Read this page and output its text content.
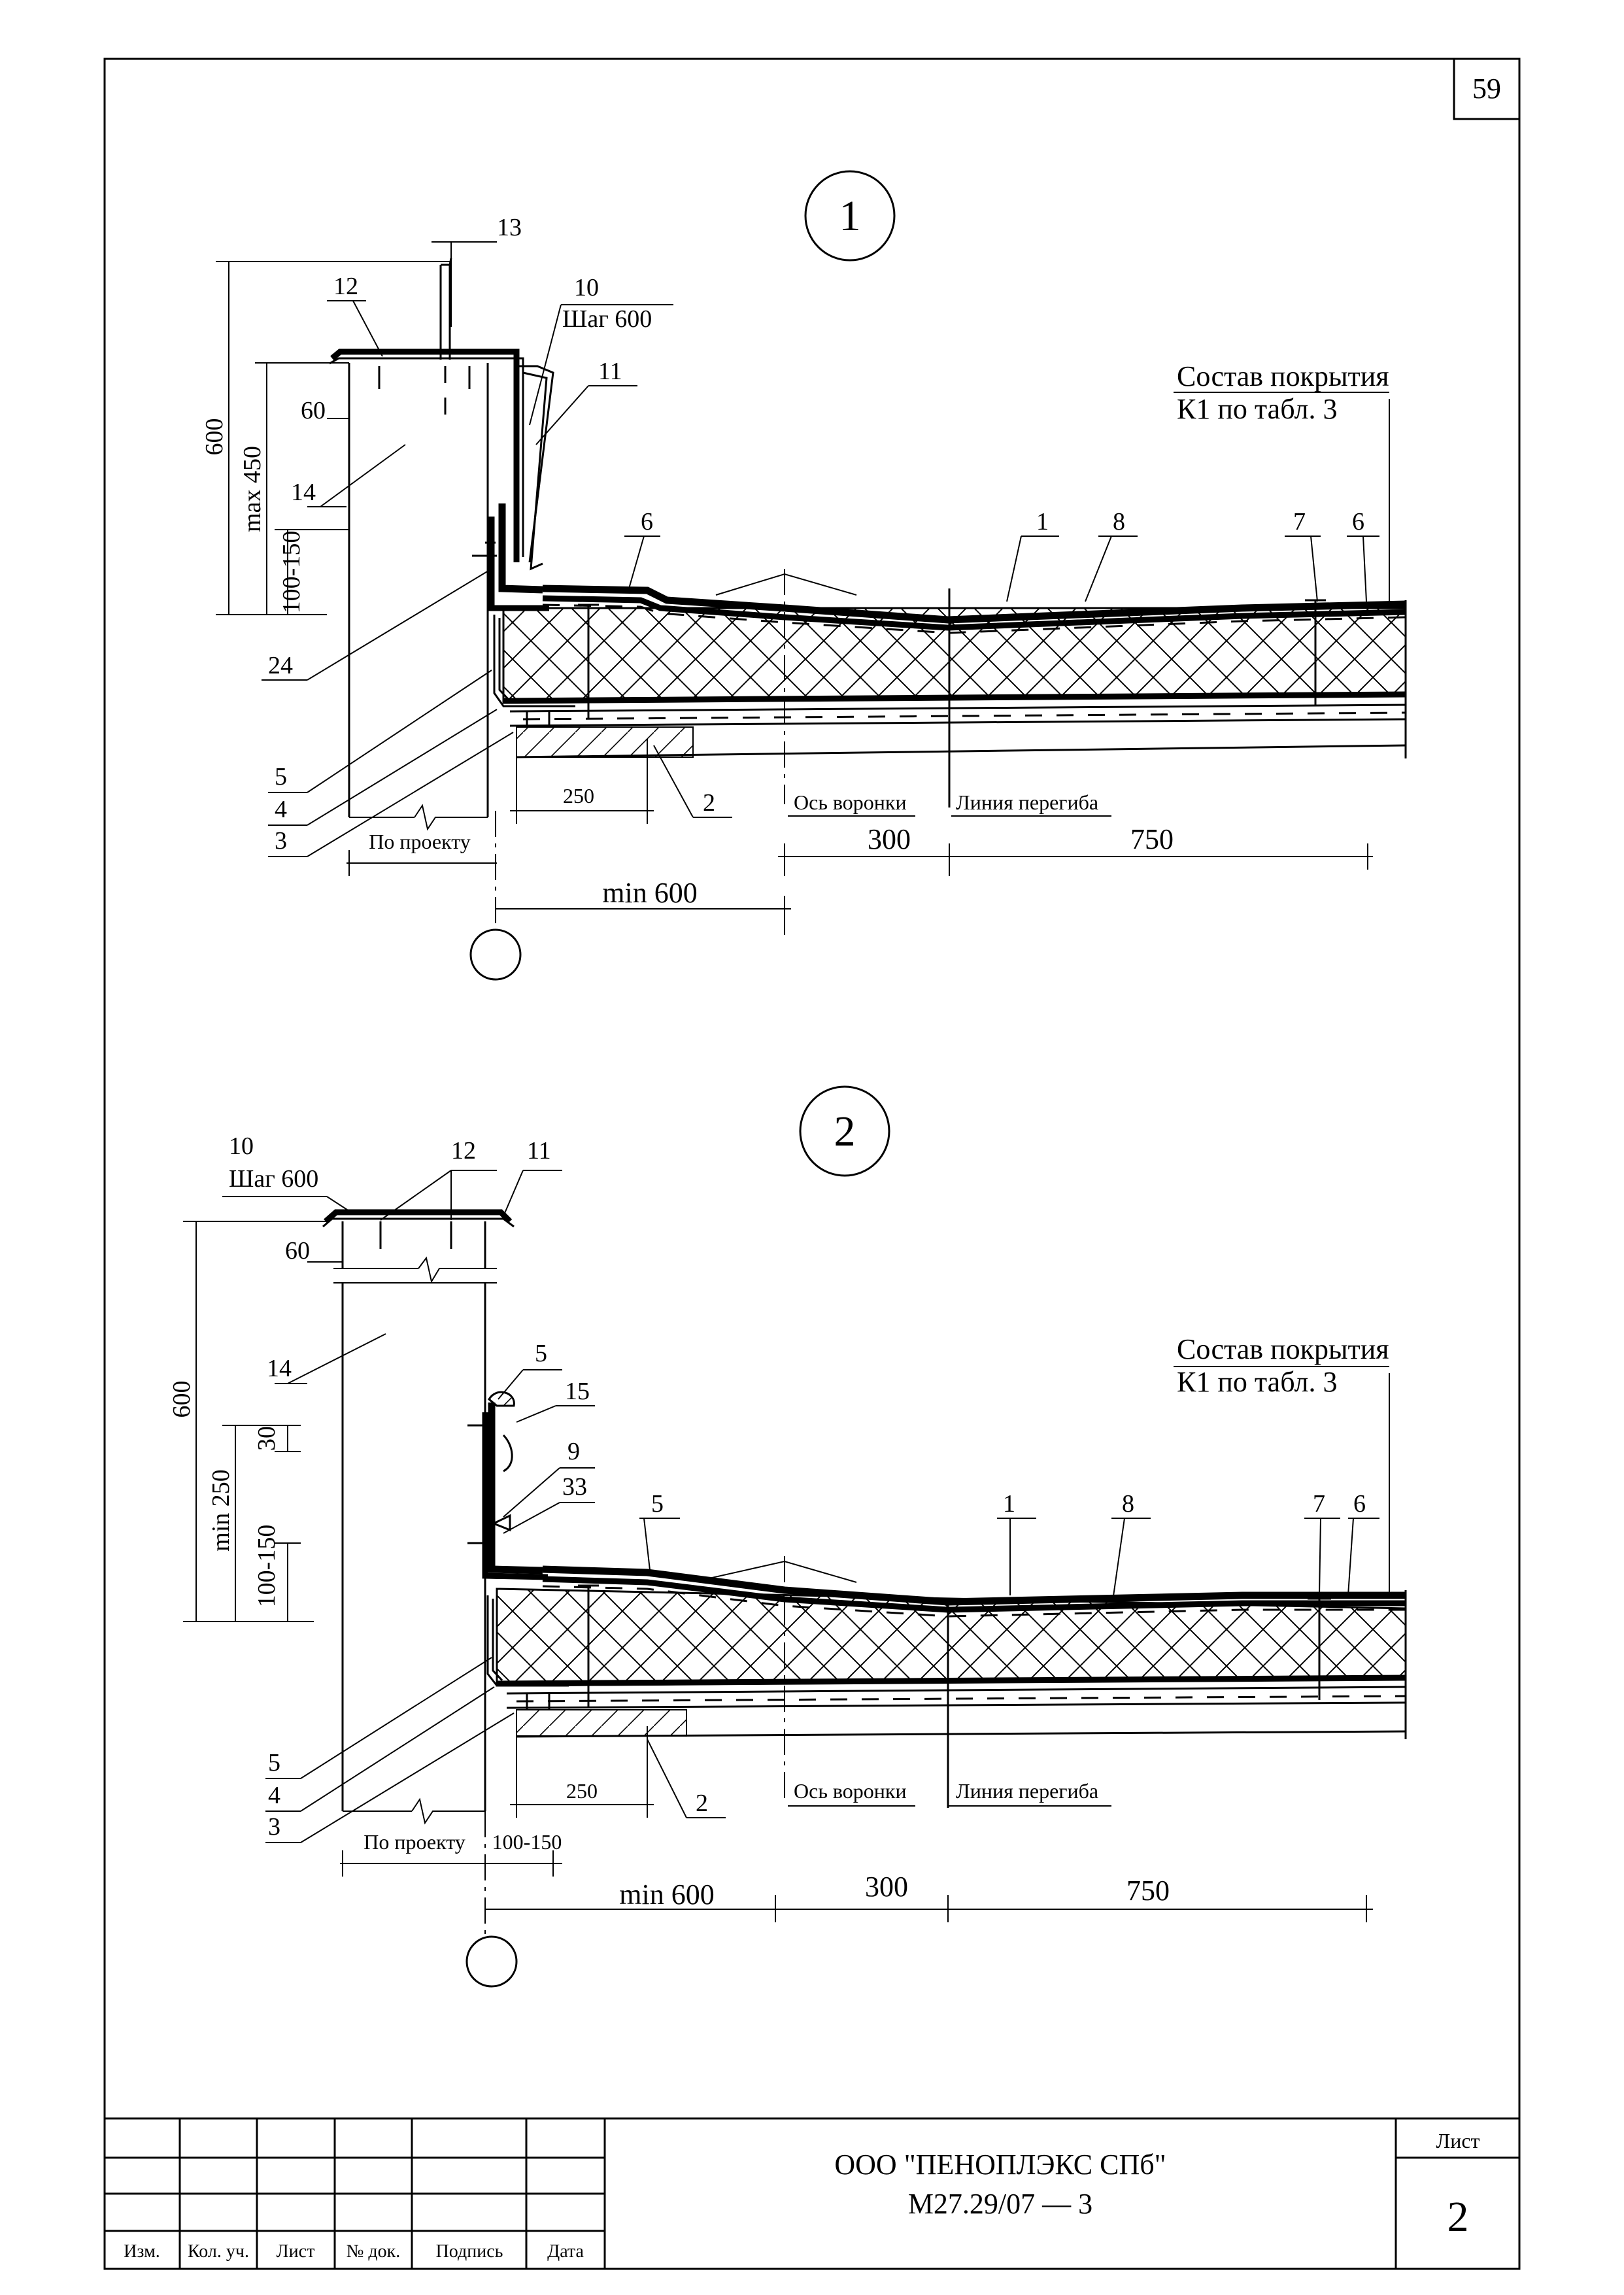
59
1
600
max 450
100-150
60
250
По проекту	300	750
min 600
Ось воронки Линия перегиба
13
12	10
Шаг 600
11
14
6	1	8	7 6
24
5
4
3
2
Состав покрытия
К1 по табл. 3
2
600
min 250
100-150
30
60
250
По проекту 100-150
min 600	300	750
Ось воронки Линия перегиба
10
Шаг 600
12 11
14
5
15
9
33
5	1	8	7 6
5
4
3
2
Состав покрытия
К1 по табл. 3
Изм. Кол. уч. Лист № док. Подпись Дата
ООО "ПЕНОПЛЭКС СПб"
М27.29/07 — 3
Лист
2
